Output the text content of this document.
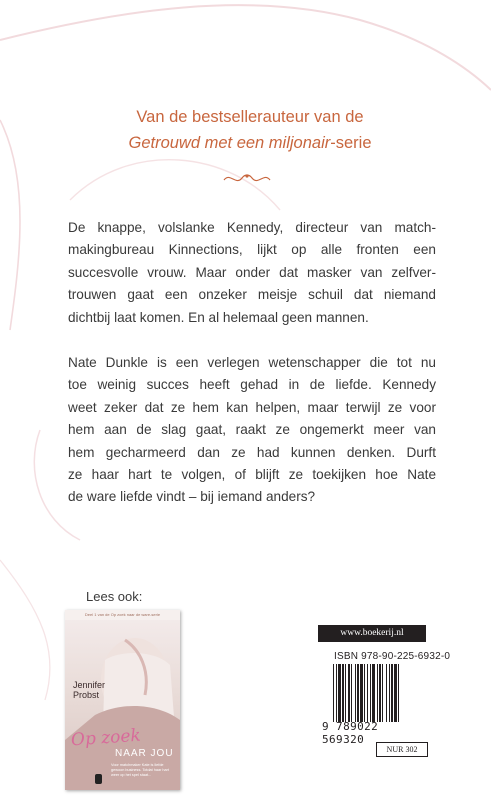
Van de bestsellerauteur van de
Getrouwd met een miljonair-serie
De knappe, volslanke Kennedy, directeur van match-
makingbureau Kinnections, lijkt op alle fronten een
succesvolle vrouw. Maar onder dat masker van zelfver-
trouwen gaat een onzeker meisje schuil dat niemand
dichtbij laat komen. En al helemaal geen mannen.
Nate Dunkle is een verlegen wetenschapper die tot nu
toe weinig succes heeft gehad in de liefde. Kennedy
weet zeker dat ze hem kan helpen, maar terwijl ze voor
hem aan de slag gaat, raakt ze ongemerkt meer van
hem gecharmeerd dan ze had kunnen denken. Durft
ze haar hart te volgen, of blijft ze toekijken hoe Nate
de ware liefde vindt – bij iemand anders?
Lees ook:
Deel 1 van de Op zoek naar de ware-serie
Jennifer
Probst
Op zoek
NAAR JOU
Voor matchmaker Kate is liefde gewoon business. Totdat haar hart weer op het spel staat...
www.boekerij.nl
ISBN 978-90-225-6932-0
9 789022 569320
NUR 302
